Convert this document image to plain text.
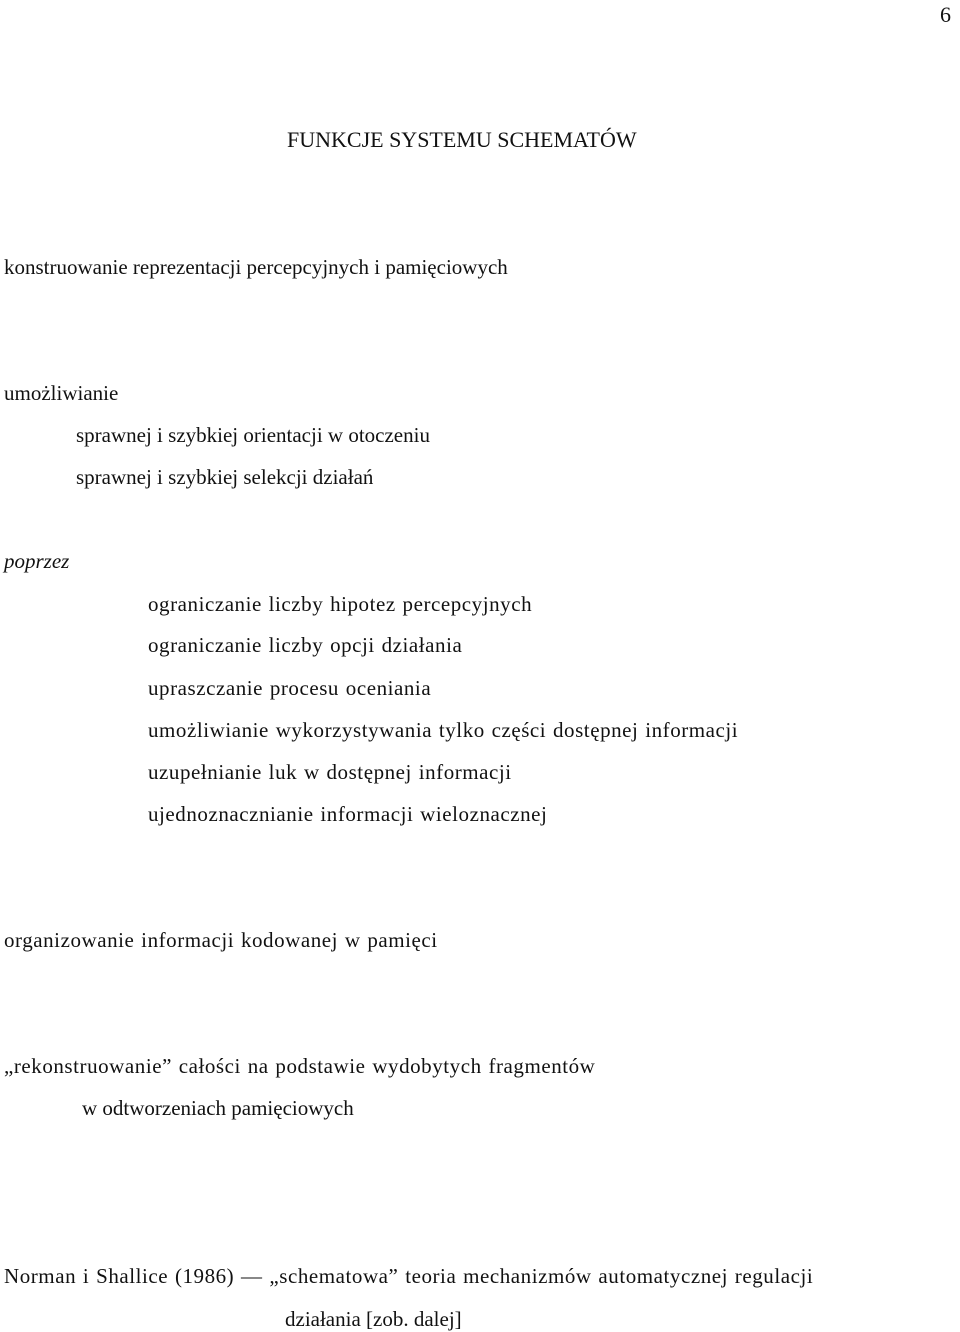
6
FUNKCJE SYSTEMU SCHEMATÓW
konstruowanie reprezentacji percepcyjnych i pamięciowych
umożliwianie
sprawnej i szybkiej orientacji w otoczeniu
sprawnej i szybkiej selekcji działań
poprzez
ograniczanie liczby hipotez percepcyjnych
ograniczanie liczby opcji działania
upraszczanie procesu oceniania
umożliwianie wykorzystywania tylko części dostępnej informacji
uzupełnianie luk w dostępnej informacji
ujednoznacznianie informacji wieloznacznej
organizowanie informacji kodowanej w pamięci
„rekonstruowanie” całości na podstawie wydobytych fragmentów
w odtworzeniach pamięciowych
Norman i Shallice (1986) — „schematowa” teoria mechanizmów automatycznej regulacji
działania [zob. dalej]
